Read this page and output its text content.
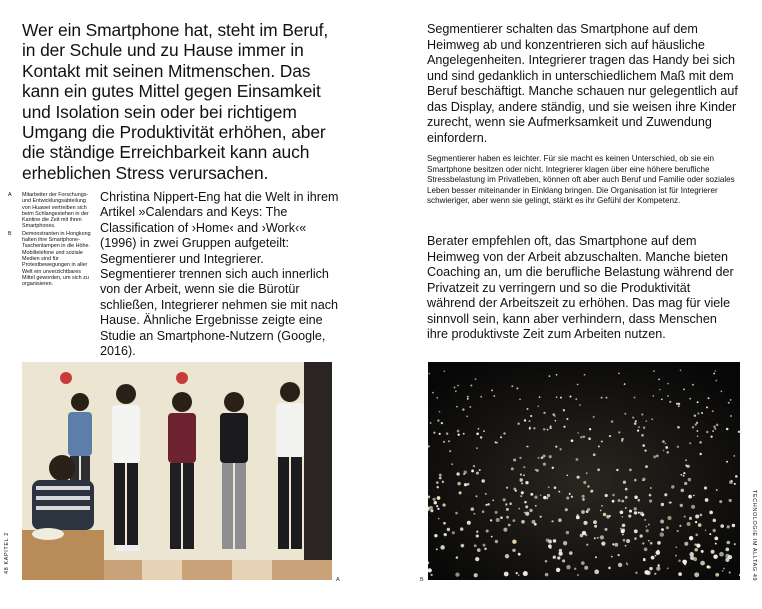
Wer ein Smartphone hat, steht im Beruf, in der Schule und zu Hause immer in Kontakt mit seinen Mitmenschen. Das kann ein gutes Mittel gegen Einsamkeit und Isolation sein oder bei richtigem Umgang die Produktivität erhöhen, aber die ständige Erreichbarkeit kann auch erheblichen Stress verursachen.

A	Mitarbeiter der Forschungs- und Entwicklungsabteilung von Huawei vertreiben sich beim Schlangestehen in der Kantine die Zeit mit ihren Smartphones.
B	Demonstranten in Hongkong halten ihre Smartphone-Taschenlampen in die Höhe. Mobiltelefone und soziale Medien sind für Protestbewegungen in aller Welt ein unverzichtbares Mittel geworden, um sich zu organisieren.

Christina Nippert-Eng hat die Welt in ihrem Artikel »Calendars and Keys: The Classification of ›Home‹ and ›Work‹« (1996) in zwei Gruppen aufgeteilt: Segmentierer und Integrierer. Segmentierer trennen sich auch innerlich von der Arbeit, wenn sie die Bürotür schließen, Integrierer nehmen sie mit nach Hause. Ähnliche Ergebnisse zeigte eine Studie an Smartphone-Nutzern (Google, 2016).

A
48 KAPITEL 2

Segmentierer schalten das Smartphone auf dem Heimweg ab und konzentrieren sich auf häusliche Angelegenheiten. Integrierer tragen das Handy bei sich und sind gedanklich in unterschiedlichem Maß mit dem Beruf beschäftigt. Manche schauen nur gelegentlich auf das Display, andere ständig, und sie weisen ihre Kinder zurecht, wenn sie Aufmerksamkeit und Zuwendung einfordern.

Segmentierer haben es leichter. Für sie macht es keinen Unterschied, ob sie ein Smartphone besitzen oder nicht. Integrierer klagen über eine höhere berufliche Stressbelastung im Privatleben, können oft aber auch Beruf und Familie oder soziales Leben besser miteinander in Einklang bringen. Die Organisation ist für Integrierer schwieriger, aber wenn sie gelingt, stärkt es ihr Gefühl der Kompetenz.

Berater empfehlen oft, das Smartphone auf dem Heimweg von der Arbeit abzuschalten. Manche bieten Coaching an, um die berufliche Belastung während der Privatzeit zu verringern und so die Produktivität während der Arbeitszeit zu erhöhen. Das mag für viele sinnvoll sein, kann aber verhindern, dass Menschen ihre produktivste Zeit zum Arbeiten nutzen.

B	TECHNOLOGIE IM ALLTAG 49
